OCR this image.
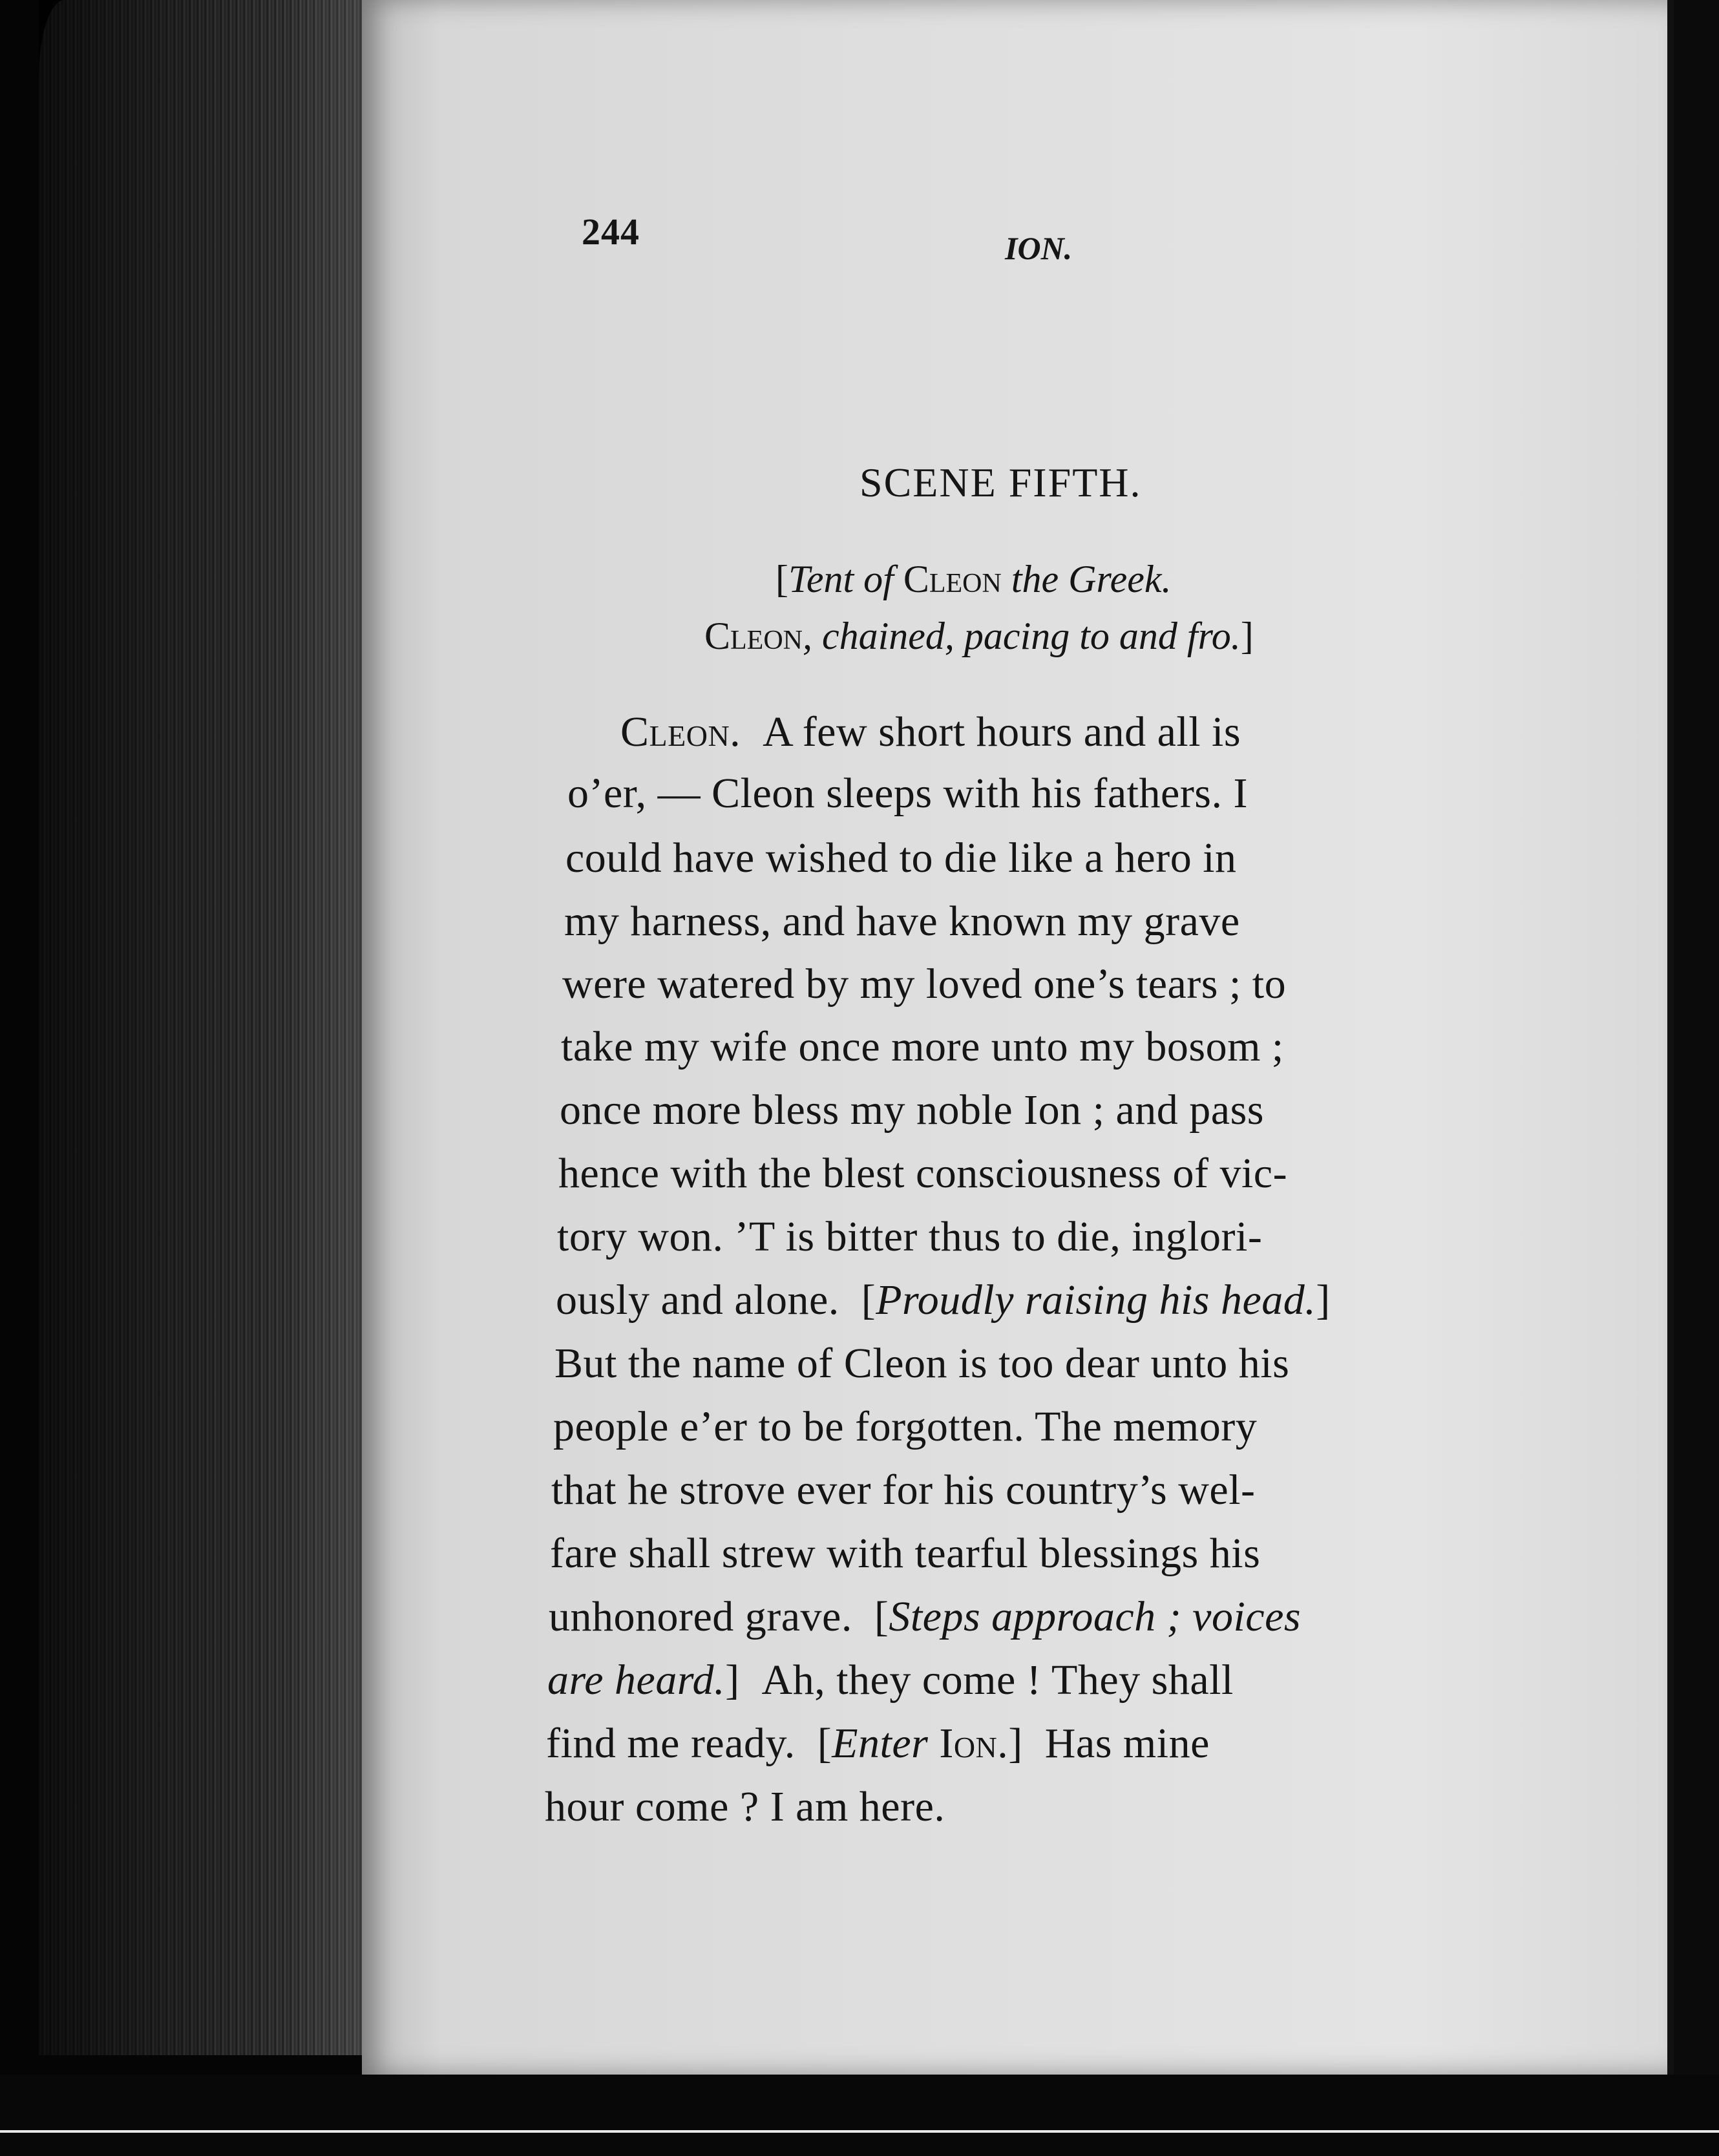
244	ION.
SCENE FIFTH.
[Tent of Cleon the Greek.
Cleon, chained, pacing to and fro.]
Cleon. A few short hours and all is
o’er, — Cleon sleeps with his fathers. I
could have wished to die like a hero in
my harness, and have known my grave
were watered by my loved one’s tears ; to
take my wife once more unto my bosom ;
once more bless my noble Ion ; and pass
hence with the blest consciousness of vic-
tory won. ’T is bitter thus to die, inglori-
ously and alone.  [Proudly raising his head.]
But the name of Cleon is too dear unto his
people e’er to be forgotten. The memory
that he strove ever for his country’s wel-
fare shall strew with tearful blessings his
unhonored grave.  [Steps approach ; voices
are heard.]  Ah, they come ! They shall
find me ready.  [Enter Ion.]  Has mine
hour come ? I am here.
